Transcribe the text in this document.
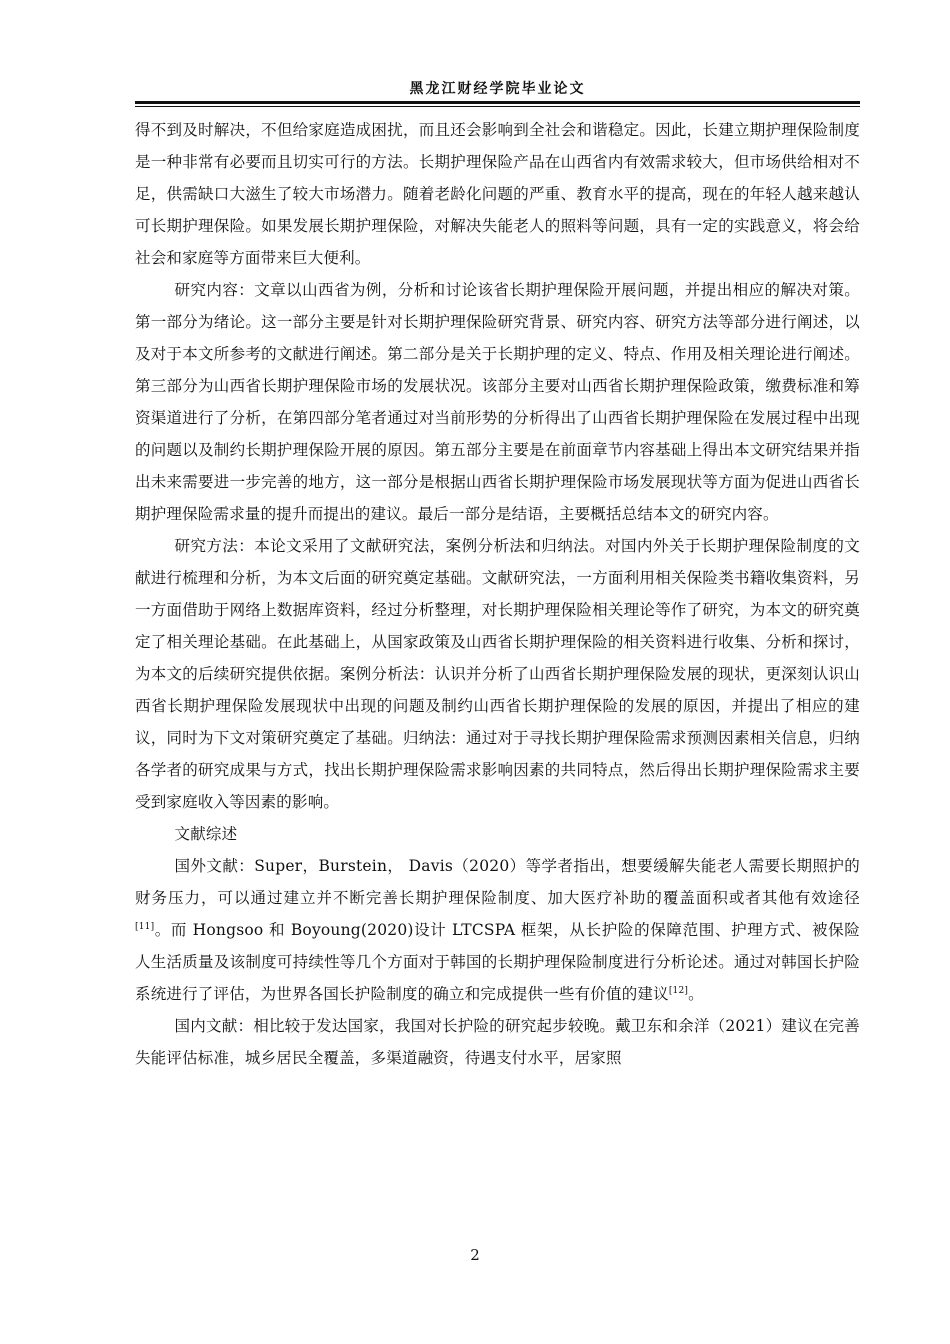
黑龙江财经学院毕业论文

得不到及时解决，不但给家庭造成困扰，而且还会影响到全社会和谐稳定。因此，长建立期护理保险制度是一种非常有必要而且切实可行的方法。长期护理保险产品在山西省内有效需求较大，但市场供给相对不足，供需缺口大滋生了较大市场潜力。随着老龄化问题的严重、教育水平的提高，现在的年轻人越来越认可长期护理保险。如果发展长期护理保险，对解决失能老人的照料等问题，具有一定的实践意义，将会给社会和家庭等方面带来巨大便利。

研究内容：文章以山西省为例，分析和讨论该省长期护理保险开展问题，并提出相应的解决对策。第一部分为绪论。这一部分主要是针对长期护理保险研究背景、研究内容、研究方法等部分进行阐述，以及对于本文所参考的文献进行阐述。第二部分是关于长期护理的定义、特点、作用及相关理论进行阐述。第三部分为山西省长期护理保险市场的发展状况。该部分主要对山西省长期护理保险政策，缴费标准和筹资渠道进行了分析，在第四部分笔者通过对当前形势的分析得出了山西省长期护理保险在发展过程中出现的问题以及制约长期护理保险开展的原因。第五部分主要是在前面章节内容基础上得出本文研究结果并指出未来需要进一步完善的地方，这一部分是根据山西省长期护理保险市场发展现状等方面为促进山西省长期护理保险需求量的提升而提出的建议。最后一部分是结语，主要概括总结本文的研究内容。

研究方法：本论文采用了文献研究法，案例分析法和归纳法。对国内外关于长期护理保险制度的文献进行梳理和分析，为本文后面的研究奠定基础。文献研究法，一方面利用相关保险类书籍收集资料，另一方面借助于网络上数据库资料，经过分析整理，对长期护理保险相关理论等作了研究，为本文的研究奠定了相关理论基础。在此基础上，从国家政策及山西省长期护理保险的相关资料进行收集、分析和探讨，为本文的后续研究提供依据。案例分析法：认识并分析了山西省长期护理保险发展的现状，更深刻认识山西省长期护理保险发展现状中出现的问题及制约山西省长期护理保险的发展的原因，并提出了相应的建议，同时为下文对策研究奠定了基础。归纳法：通过对于寻找长期护理保险需求预测因素相关信息，归纳各学者的研究成果与方式，找出长期护理保险需求影响因素的共同特点，然后得出长期护理保险需求主要受到家庭收入等因素的影响。

文献综述

国外文献：Super，Burstein， Davis（2020）等学者指出，想要缓解失能老人需要长期照护的财务压力，可以通过建立并不断完善长期护理保险制度、加大医疗补助的覆盖面积或者其他有效途径[11]。而 Hongsoo 和 Boyoung(2020)设计 LTCSPA 框架，从长护险的保障范围、护理方式、被保险人生活质量及该制度可持续性等几个方面对于韩国的长期护理保险制度进行分析论述。通过对韩国长护险系统进行了评估，为世界各国长护险制度的确立和完成提供一些有价值的建议[12]。

国内文献：相比较于发达国家，我国对长护险的研究起步较晚。戴卫东和余洋（2021）建议在完善失能评估标准，城乡居民全覆盖，多渠道融资，待遇支付水平，居家照

2
